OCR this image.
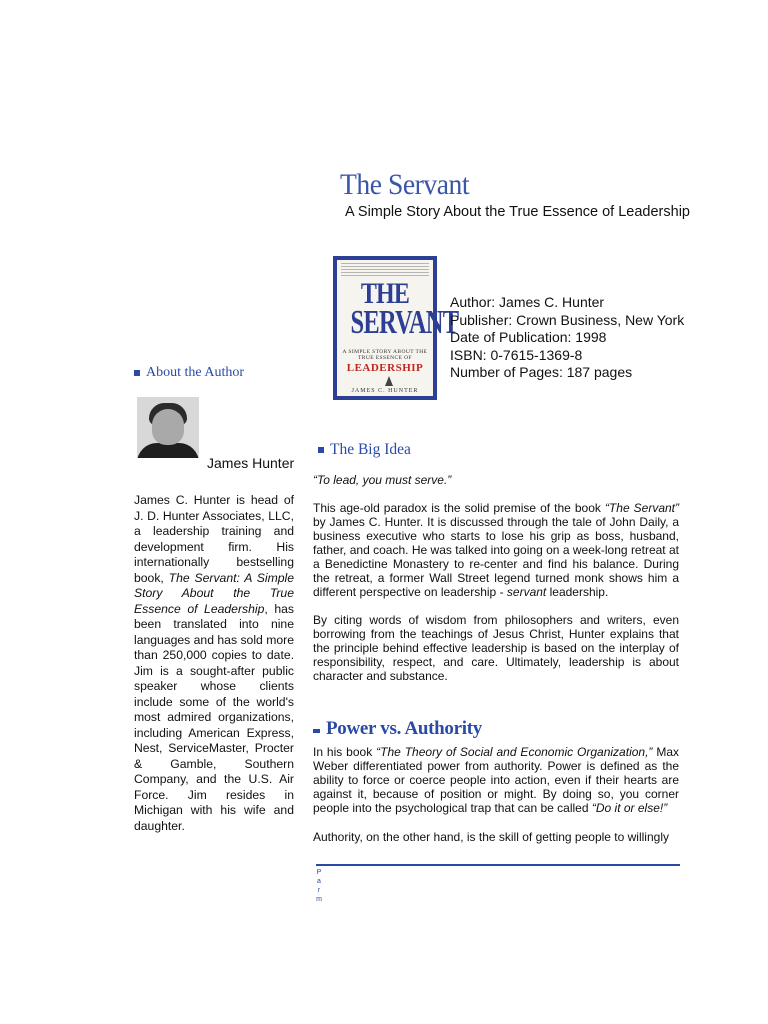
The Servant
A Simple Story About the True Essence of Leadership
THE
SERVANT
A SIMPLE STORY ABOUT THE TRUE ESSENCE OF
LEADERSHIP
JAMES C. HUNTER
Author: James C. Hunter
Publisher: Crown Business, New York
Date of Publication: 1998
ISBN: 0-7615-1369-8
Number of Pages: 187 pages
About the Author
James Hunter
James C. Hunter is head of J. D. Hunter Associates, LLC, a leadership training and development firm. His internationally bestselling book, The Servant: A Simple Story About the True Essence of Leadership, has been translated into nine languages and has sold more than 250,000 copies to date. Jim is a sought-after public speaker whose clients include some of the world's most admired organizations, including American Express, Nest, ServiceMaster, Procter & Gamble, Southern Company, and the U.S. Air Force. Jim resides in Michigan with his wife and daughter.
The Big Idea
“To lead, you must serve.”
This age-old paradox is the solid premise of the book “The Servant” by James C. Hunter. It is discussed through the tale of John Daily, a business executive who starts to lose his grip as boss, husband, father, and coach. He was talked into going on a week-long retreat at a Benedictine Monastery to re-center and find his balance. During the retreat, a former Wall Street legend turned monk shows him a different perspective on leadership - servant leadership.
By citing words of wisdom from philosophers and writers, even borrowing from the teachings of Jesus Christ, Hunter explains that the principle behind effective leadership is based on the interplay of responsibility, respect, and care. Ultimately, leadership is about character and substance.
Power vs. Authority
In his book “The Theory of Social and Economic Organization,” Max Weber differentiated power from authority. Power is defined as the ability to force or coerce people into action, even if their hearts are against it, because of position or might. By doing so, you corner people into the psychological trap that can be called “Do it or else!”
Authority, on the other hand, is the skill of getting people to willingly
P
a
r
m
